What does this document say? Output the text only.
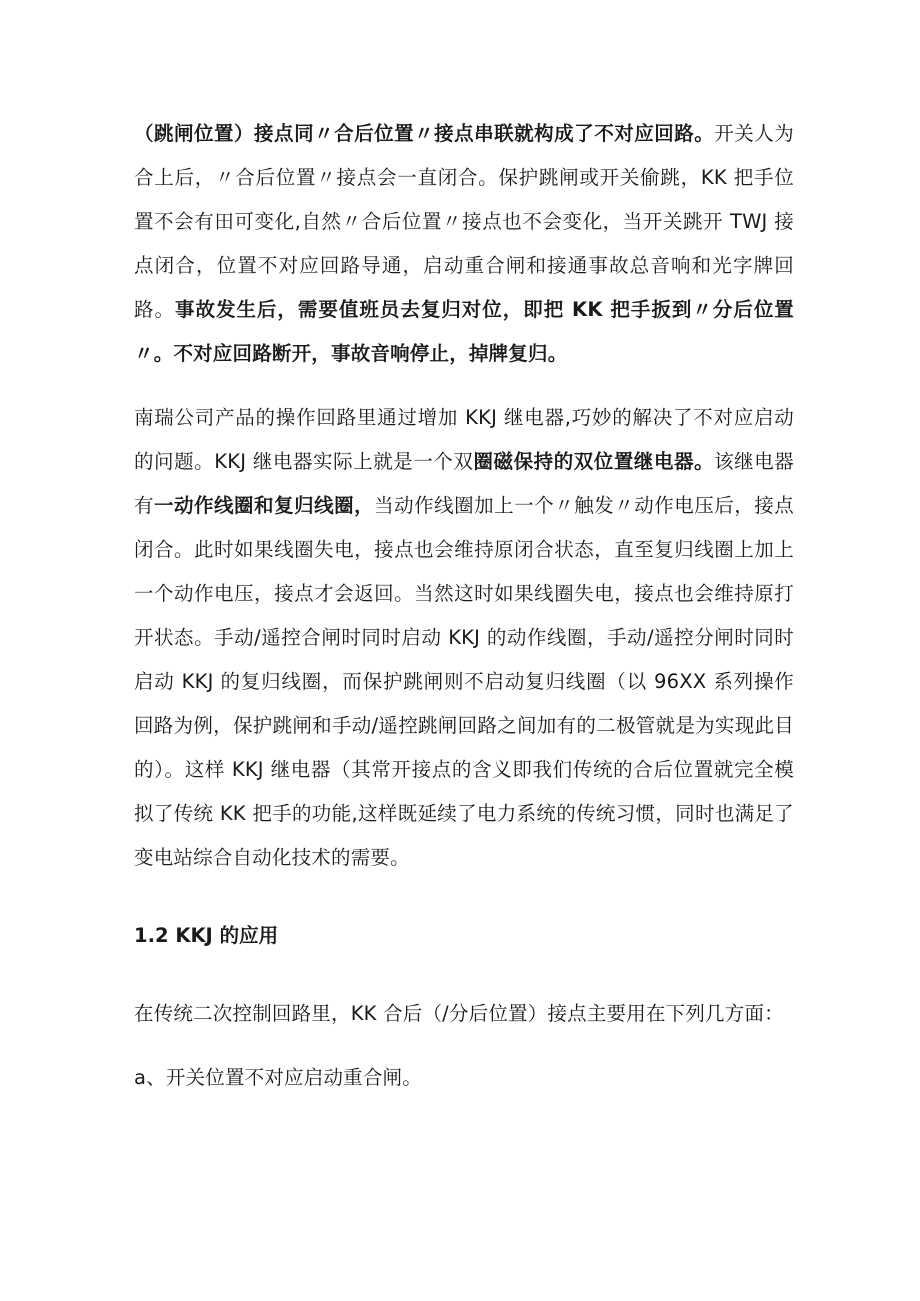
（跳闸位置）接点同〃合后位置〃接点串联就构成了不对应回路。开关人为合上后，〃合后位置〃接点会一直闭合。保护跳闸或开关偷跳，KK 把手位置不会有田可变化,自然〃合后位置〃接点也不会变化，当开关跳开 TWJ 接点闭合，位置不对应回路导通，启动重合闸和接通事故总音响和光字牌回路。事故发生后，需要值班员去复归对位，即把 KK 把手扳到〃分后位置〃。不对应回路断开，事故音响停止，掉牌复归。

南瑞公司产品的操作回路里通过增加 KKJ 继电器,巧妙的解决了不对应启动的问题。KKJ 继电器实际上就是一个双圈磁保持的双位置继电器。该继电器有一动作线圈和复归线圈，当动作线圈加上一个〃触发〃动作电压后，接点闭合。此时如果线圈失电，接点也会维持原闭合状态，直至复归线圈上加上一个动作电压，接点才会返回。当然这时如果线圈失电，接点也会维持原打开状态。手动/遥控合闸时同时启动 KKJ 的动作线圈，手动/遥控分闸时同时启动 KKJ 的复归线圈，而保护跳闸则不启动复归线圈（以 96XX 系列操作回路为例，保护跳闸和手动/遥控跳闸回路之间加有的二极管就是为实现此目的）。这样 KKJ 继电器（其常开接点的含义即我们传统的合后位置就完全模拟了传统 KK 把手的功能,这样既延续了电力系统的传统习惯，同时也满足了变电站综合自动化技术的需要。

1.2 KKJ 的应用

在传统二次控制回路里，KK 合后（/分后位置）接点主要用在下列几方面：

a、开关位置不对应启动重合闸。
